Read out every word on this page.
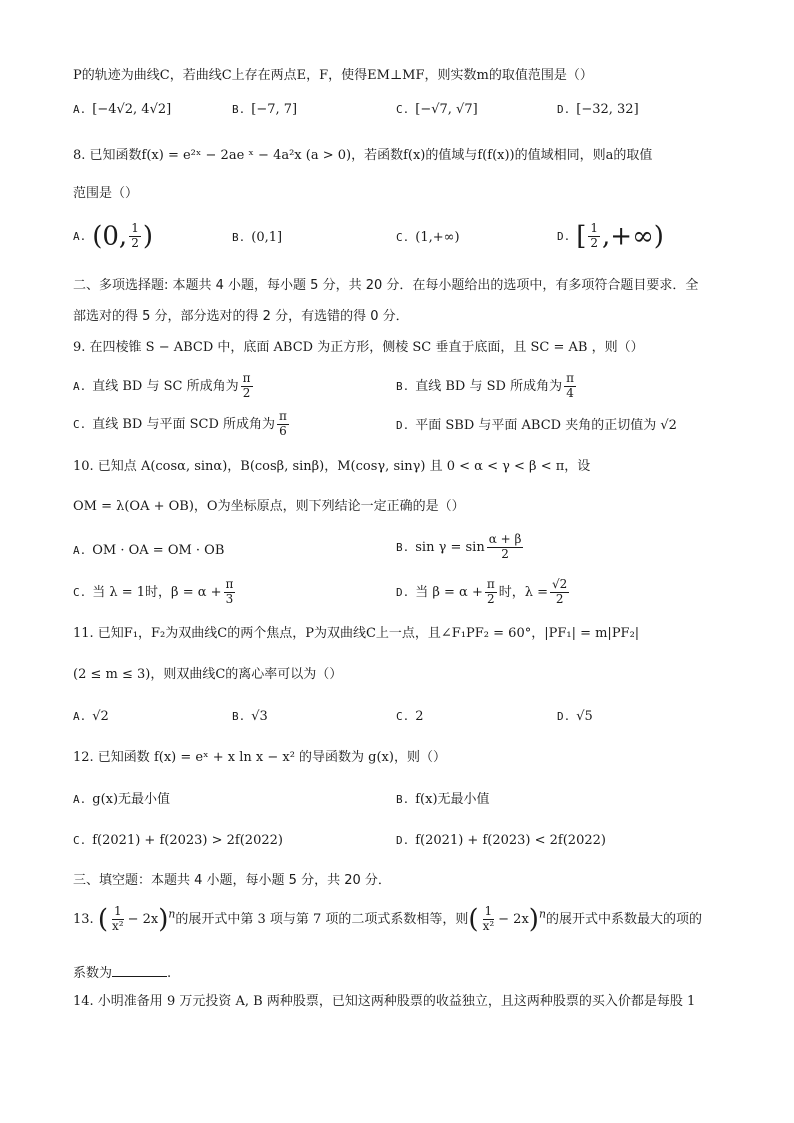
P的轨迹为曲线C，若曲线C上存在两点E，F，使得EM⊥MF，则实数m的取值范围是（）
A. [−4√2, 4√2]	B. [−7, 7]	C. [−√7, √7]	D. [−32, 32]
8. 已知函数f(x) = e²ˣ − 2ae ˣ − 4a²x (a > 0)，若函数f(x)的值域与f(f(x))的值域相同，则a的取值
范围是（）
A. (0, $\frac{1}{2}$ )	B. (0,1]	C. (1,+∞)	D. [ $\frac{1}{2}$ ,+∞)
二、多项选择题: 本题共 4 小题，每小题 5 分，共 20 分．在每小题给出的选项中，有多项符合题目要求．全
部选对的得 5 分，部分选对的得 2 分，有选错的得 0 分．
9. 在四棱锥 S − ABCD 中，底面 ABCD 为正方形，侧棱 SC 垂直于底面，且 SC = AB ，则（）
A. 直线 BD 与 SC 所成角为 $\frac{\pi}{2}$	B. 直线 BD 与 SD 所成角为 $\frac{\pi}{4}$
C. 直线 BD 与平面 SCD 所成角为 $\frac{\pi}{6}$	D. 平面 SBD 与平面 ABCD 夹角的正切值为 √2
10. 已知点 A(cosα, sinα)，B(cosβ, sinβ)，M(cosγ, sinγ) 且 0 < α < γ < β < π，设
OM = λ(OA + OB)，O为坐标原点，则下列结论一定正确的是（）
A. OM · OA = OM · OB	B. $\sin \gamma = \sin \frac{\alpha + \beta}{2}$
C. 当 λ = 1时，$\beta = \alpha + \frac{\pi}{3}$	D. 当 $\beta = \alpha + \frac{\pi}{2}$ 时，$\lambda = \frac{√2}{2}$
11. 已知F₁，F₂为双曲线C的两个焦点，P为双曲线C上一点，且∠F₁PF₂ = 60°，|PF₁| = m|PF₂|
(2 ≤ m ≤ 3)，则双曲线C的离心率可以为（）
A. √2	B. √3	C. 2	D. √5
12. 已知函数 f(x) = eˣ + x ln x − x² 的导函数为 g(x)，则（）
A. g(x)无最小值	B. f(x)无最小值
C. f(2021) + f(2023) > 2f(2022)	D. f(2021) + f(2023) < 2f(2022)
三、填空题：本题共 4 小题，每小题 5 分，共 20 分．
13. ( $\frac{1}{\text{x²}} - 2x)^n$的展开式中第 3 项与第 7 项的二项式系数相等，则( $\frac{1}{\text{x²}} - 2x)^n$的展开式中系数最大的项的
系数为	.
14. 小明准备用 9 万元投资 A, B 两种股票，已知这两种股票的收益独立，且这两种股票的买入价都是每股 1
